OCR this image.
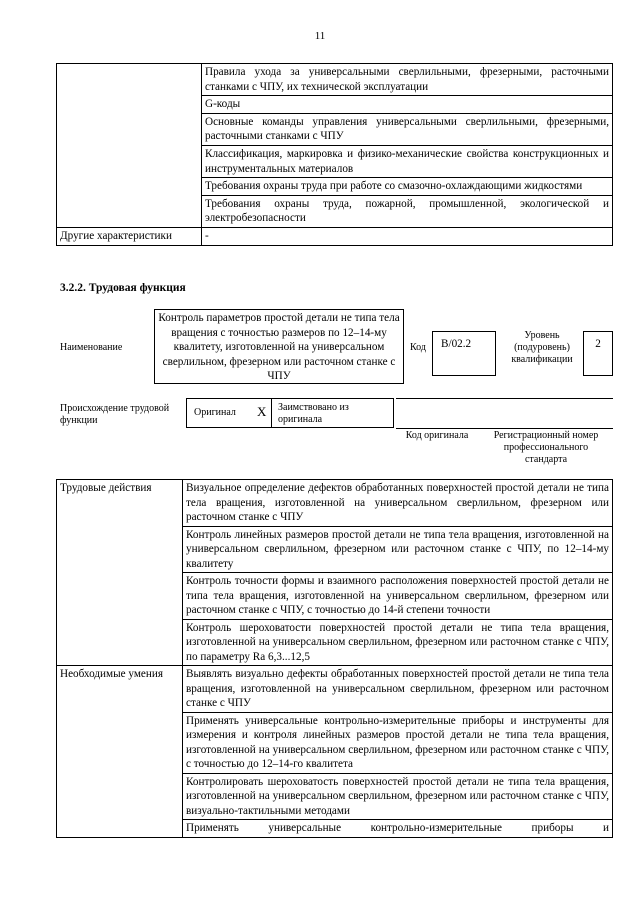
11
	Правила ухода за универсальными сверлильными, фрезерными, расточными станками с ЧПУ, их технической эксплуатации
	G-коды
	Основные команды управления универсальными сверлильными, фрезерными, расточными станками с ЧПУ
	Классификация, маркировка и физико-механические свойства конструкционных и инструментальных материалов
	Требования охраны труда при работе со смазочно-охлаждающими жидкостями
	Требования охраны труда, пожарной, промышленной, экологической и электробезопасности
Другие характеристики	-
3.2.2. Трудовая функция
Наименование
Контроль параметров простой детали не типа тела вращения с точностью размеров по 12–14-му квалитету, изготовленной на универсальном сверлильном, фрезерном или расточном станке с ЧПУ
Код	B/02.2
Уровень (подуровень) квалификации
2
Происхождение трудовой функции
Оригинал X Заимствовано из оригинала
Код оригинала	Регистрационный номер профессионального стандарта
Трудовые действия	Визуальное определение дефектов обработанных поверхностей простой детали не типа тела вращения, изготовленной на универсальном сверлильном, фрезерном или расточном станке с ЧПУ
	Контроль линейных размеров простой детали не типа тела вращения, изготовленной на универсальном сверлильном, фрезерном или расточном станке с ЧПУ, по 12–14-му квалитету
	Контроль точности формы и взаимного расположения поверхностей простой детали не типа тела вращения, изготовленной на универсальном сверлильном, фрезерном или расточном станке с ЧПУ, с точностью до 14-й степени точности
	Контроль шероховатости поверхностей простой детали не типа тела вращения, изготовленной на универсальном сверлильном, фрезерном или расточном станке с ЧПУ, по параметру Ra 6,3...12,5
Необходимые умения	Выявлять визуально дефекты обработанных поверхностей простой детали не типа тела вращения, изготовленной на универсальном сверлильном, фрезерном или расточном станке с ЧПУ
	Применять универсальные контрольно-измерительные приборы и инструменты для измерения и контроля линейных размеров простой детали не типа тела вращения, изготовленной на универсальном сверлильном, фрезерном или расточном станке с ЧПУ, с точностью до 12–14-го квалитета
	Контролировать шероховатость поверхностей простой детали не типа тела вращения, изготовленной на универсальном сверлильном, фрезерном или расточном станке с ЧПУ, визуально-тактильными методами
	Применять универсальные контрольно-измерительные приборы и
